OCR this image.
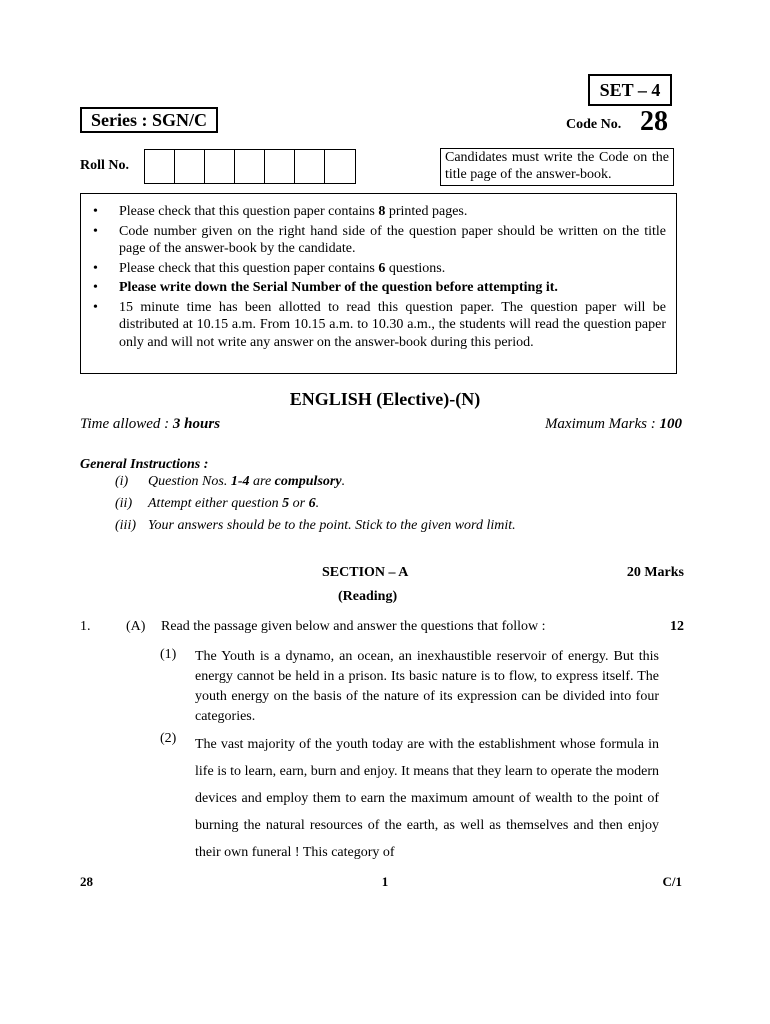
SET – 4
Series : SGN/C	Code No. 28
Roll No.
Candidates must write the Code on the title page of the answer-book.
• Please check that this question paper contains 8 printed pages.
• Code number given on the right hand side of the question paper should be written on the title page of the answer-book by the candidate.
• Please check that this question paper contains 6 questions.
• Please write down the Serial Number of the question before attempting it.
• 15 minute time has been allotted to read this question paper. The question paper will be distributed at 10.15 a.m. From 10.15 a.m. to 10.30 a.m., the students will read the question paper only and will not write any answer on the answer-book during this period.
ENGLISH (Elective)-(N)
Time allowed : 3 hours	Maximum Marks : 100
General Instructions :
(i) Question Nos. 1-4 are compulsory.
(ii) Attempt either question 5 or 6.
(iii) Your answers should be to the point. Stick to the given word limit.
SECTION – A	20 Marks
(Reading)
1.	(A) Read the passage given below and answer the questions that follow :	12
(1) The Youth is a dynamo, an ocean, an inexhaustible reservoir of energy. But this energy cannot be held in a prison. Its basic nature is to flow, to express itself. The youth energy on the basis of the nature of its expression can be divided into four categories.
(2) The vast majority of the youth today are with the establishment whose formula in life is to learn, earn, burn and enjoy. It means that they learn to operate the modern devices and employ them to earn the maximum amount of wealth to the point of burning the natural resources of the earth, as well as themselves and then enjoy their own funeral ! This category of
28	1	C/1
